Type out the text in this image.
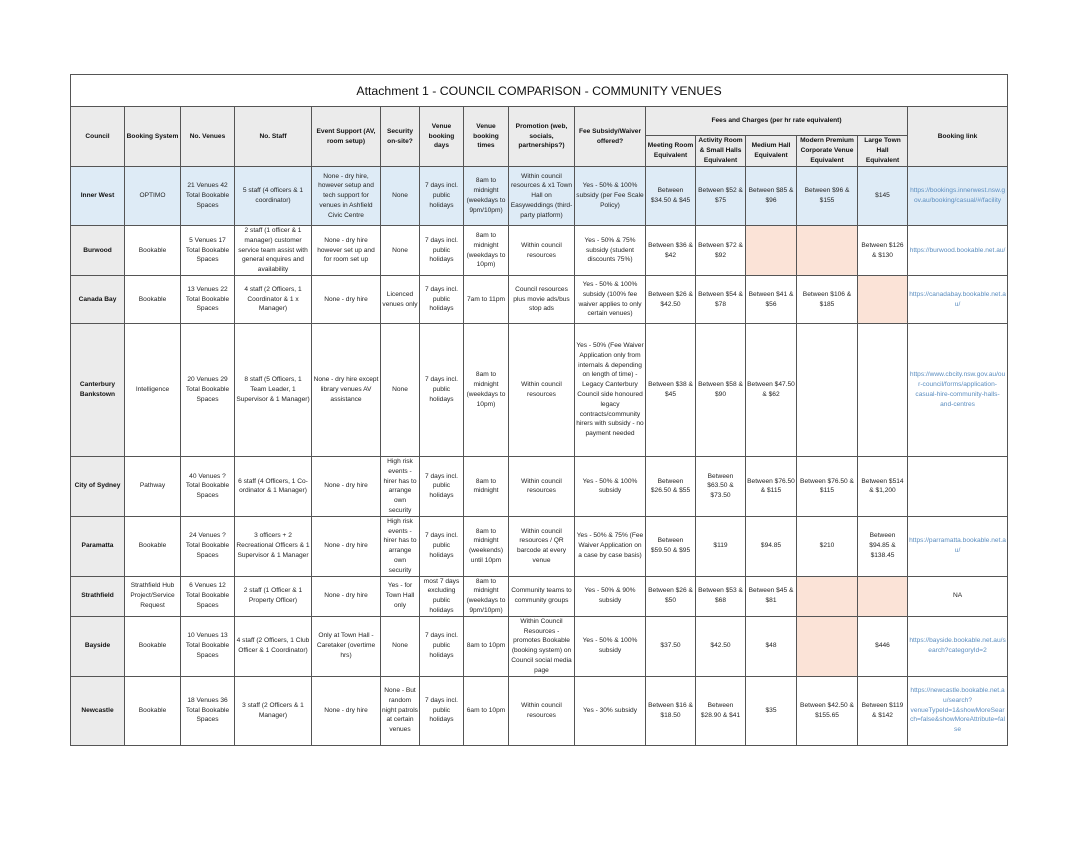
Attachment 1 - COUNCIL COMPARISON - COMMUNITY VENUES															
Council	Booking System	No. Venues	No. Staff	Event Support (AV, room setup)	Security on-site?	Venue booking days	Venue booking times	Promotion (web, socials, partnerships?)	Fee Subsidy/Waiver offered?	Fees and Charges (per hr rate equivalent)					Booking link
										Meeting Room Equivalent	Activity Room & Small Halls Equivalent	Medium Hall Equivalent	Modern Premium Corporate Venue Equivalent	Large Town Hall Equivalent	
Inner West	OPTIMO	21 Venues 42 Total Bookable Spaces	5 staff (4 officers & 1 coordinator)	None - dry hire, however setup and tech support for venues in Ashfield Civic Centre	None	7 days incl. public holidays	8am to midnight (weekdays to 9pm/10pm)	Within council resources & x1 Town Hall on Easyweddings (third-party platform)	Yes - 50% & 100% subsidy (per Fee Scale Policy)	Between $34.50 & $45	Between $52 & $75	Between $85 & $96	Between $96 & $155	$145	https://bookings.innerwest.nsw.gov.au/booking/casual/#/facility
Burwood	Bookable	5 Venues 17 Total Bookable Spaces	2 staff (1 officer & 1 manager) customer service team assist with general enquires and availability	None - dry hire however set up and for room set up	None	7 days incl. public holidays	8am to midnight (weekdays to 10pm)	Within council resources	Yes - 50% & 75% subsidy (student discounts 75%)	Between $36 & $42	Between $72 & $92			Between $126 & $130	https://burwood.bookable.net.au/
Canada Bay	Bookable	13 Venues 22 Total Bookable Spaces	4 staff (2 Officers, 1 Coordinator & 1 x Manager)	None - dry hire	Licenced venues only	7 days incl. public holidays	7am to 11pm	Council resources plus movie ads/bus stop ads	Yes - 50% & 100% subsidy (100% fee waiver applies to only certain venues)	Between $26 & $42.50	Between $54 & $78	Between $41 & $56	Between $106 & $185		https://canadabay.bookable.net.au/
Canterbury Bankstown	Intelligence	20 Venues 29 Total Bookable Spaces	8 staff (5 Officers, 1 Team Leader, 1 Supervisor & 1 Manager)	None - dry hire except library venues AV assistance	None	7 days incl. public holidays	8am to midnight (weekdays to 10pm)	Within council resources	Yes - 50% (Fee Waiver Application only from internals & depending on length of time) - Legacy Canterbury Council side honoured legacy contracts/community hirers with subsidy - no payment needed	Between $38 & $45	Between $58 & $90	Between $47.50 & $62			https://www.cbcity.nsw.gov.au/our-council/forms/application-casual-hire-community-halls-and-centres
City of Sydney	Pathway	40 Venues ? Total Bookable Spaces	6 staff (4 Officers, 1 Co-ordinator & 1 Manager)	None - dry hire	High risk events - hirer has to arrange own security	7 days incl. public holidays	8am to midnight	Within council resources	Yes - 50% & 100% subsidy	Between $26.50 & $55	Between $63.50 & $73.50	Between $76.50 & $115	Between $76.50 & $115	Between $514 & $1,200	
Paramatta	Bookable	24 Venues ? Total Bookable Spaces	3 officers + 2 Recreational Officers & 1 Supervisor & 1 Manager	None - dry hire	High risk events - hirer has to arrange own security	7 days incl. public holidays	8am to midnight (weekends) until 10pm	Within council resources / QR barcode at every venue	Yes - 50% & 75% (Fee Waiver Application on a case by case basis)	Between $59.50 & $95	$119	$94.85	$210	Between $94.85 & $138.45	https://parramatta.bookable.net.au/
Strathfield	Strathfield Hub Project/Service Request	6 Venues 12 Total Bookable Spaces	2 staff (1 Officer & 1 Property Officer)	None - dry hire	Yes - for Town Hall only	most 7 days excluding public holidays	8am to midnight (weekdays to 9pm/10pm)	Community teams to community groups	Yes - 50% & 90% subsidy	Between $26 & $50	Between $53 & $68	Between $45 & $81			NA
Bayside	Bookable	10 Venues 13 Total Bookable Spaces	4 staff (2 Officers, 1 Club Officer & 1 Coordinator)	Only at Town Hall - Caretaker (overtime hrs)	None	7 days incl. public holidays	8am to 10pm	Within Council Resources - promotes Bookable (booking system) on Council social media page	Yes - 50% & 100% subsidy	$37.50	$42.50	$48		$446	https://bayside.bookable.net.au/search?categoryId=2
Newcastle	Bookable	18 Venues 36 Total Bookable Spaces	3 staff (2 Officers & 1 Manager)	None - dry hire	None - But random night patrols at certain venues	7 days incl. public holidays	6am to 10pm	Within council resources	Yes - 30% subsidy	Between $16 & $18.50	Between $28.90 & $41	$35	Between $42.50 & $155.65	Between $119 & $142	https://newcastle.bookable.net.au/search?venueTypeId=1&showMoreSearch=false&showMoreAttribute=false
